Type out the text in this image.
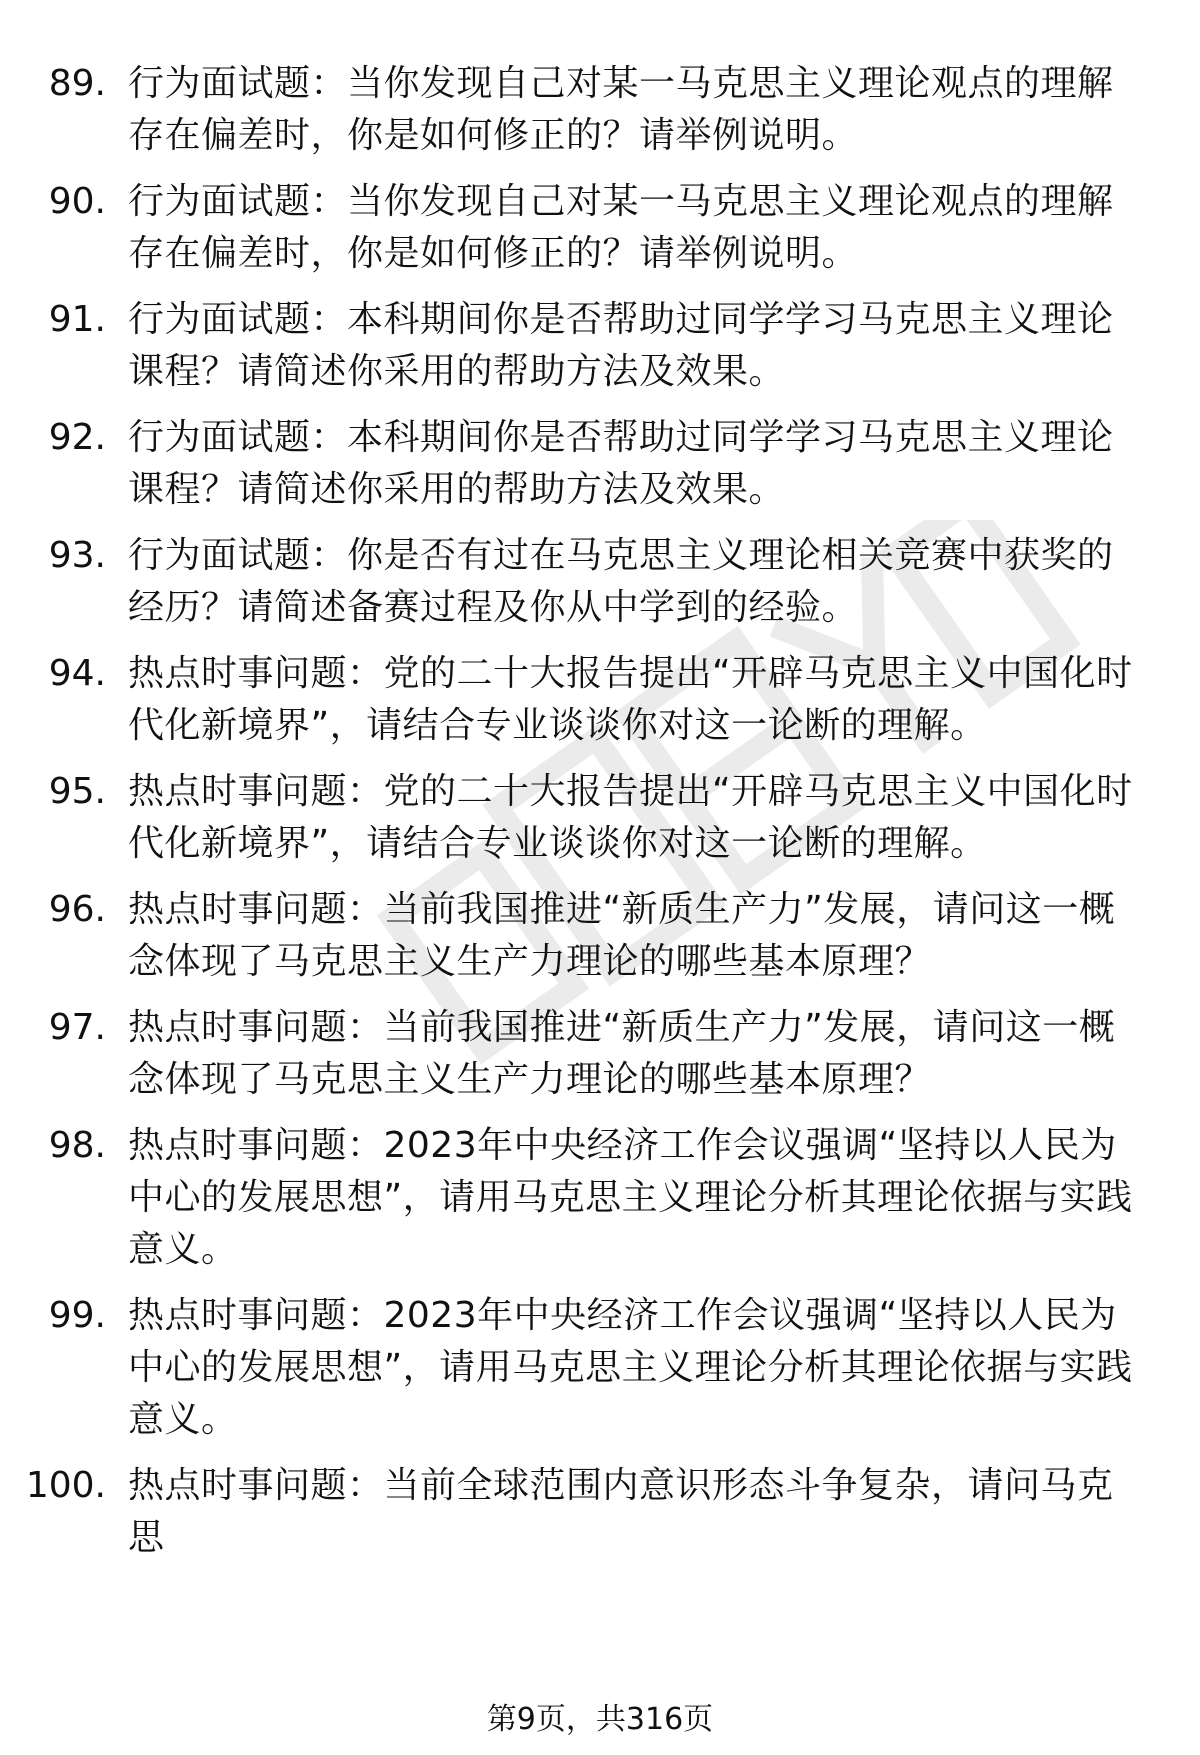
89. 行为面试题：当你发现自己对某一马克思主义理论观点的理解存在偏差时，你是如何修正的？请举例说明。
90. 行为面试题：当你发现自己对某一马克思主义理论观点的理解存在偏差时，你是如何修正的？请举例说明。
91. 行为面试题：本科期间你是否帮助过同学学习马克思主义理论课程？请简述你采用的帮助方法及效果。
92. 行为面试题：本科期间你是否帮助过同学学习马克思主义理论课程？请简述你采用的帮助方法及效果。
93. 行为面试题：你是否有过在马克思主义理论相关竞赛中获奖的经历？请简述备赛过程及你从中学到的经验。
94. 热点时事问题：党的二十大报告提出“开辟马克思主义中国化时代化新境界”，请结合专业谈谈你对这一论断的理解。
95. 热点时事问题：党的二十大报告提出“开辟马克思主义中国化时代化新境界”，请结合专业谈谈你对这一论断的理解。
96. 热点时事问题：当前我国推进“新质生产力”发展，请问这一概念体现了马克思主义生产力理论的哪些基本原理？
97. 热点时事问题：当前我国推进“新质生产力”发展，请问这一概念体现了马克思主义生产力理论的哪些基本原理？
98. 热点时事问题：2023年中央经济工作会议强调“坚持以人民为中心的发展思想”，请用马克思主义理论分析其理论依据与实践意义。
99. 热点时事问题：2023年中央经济工作会议强调“坚持以人民为中心的发展思想”，请用马克思主义理论分析其理论依据与实践意义。
100. 热点时事问题：当前全球范围内意识形态斗争复杂，请问马克思
第9页，共316页
